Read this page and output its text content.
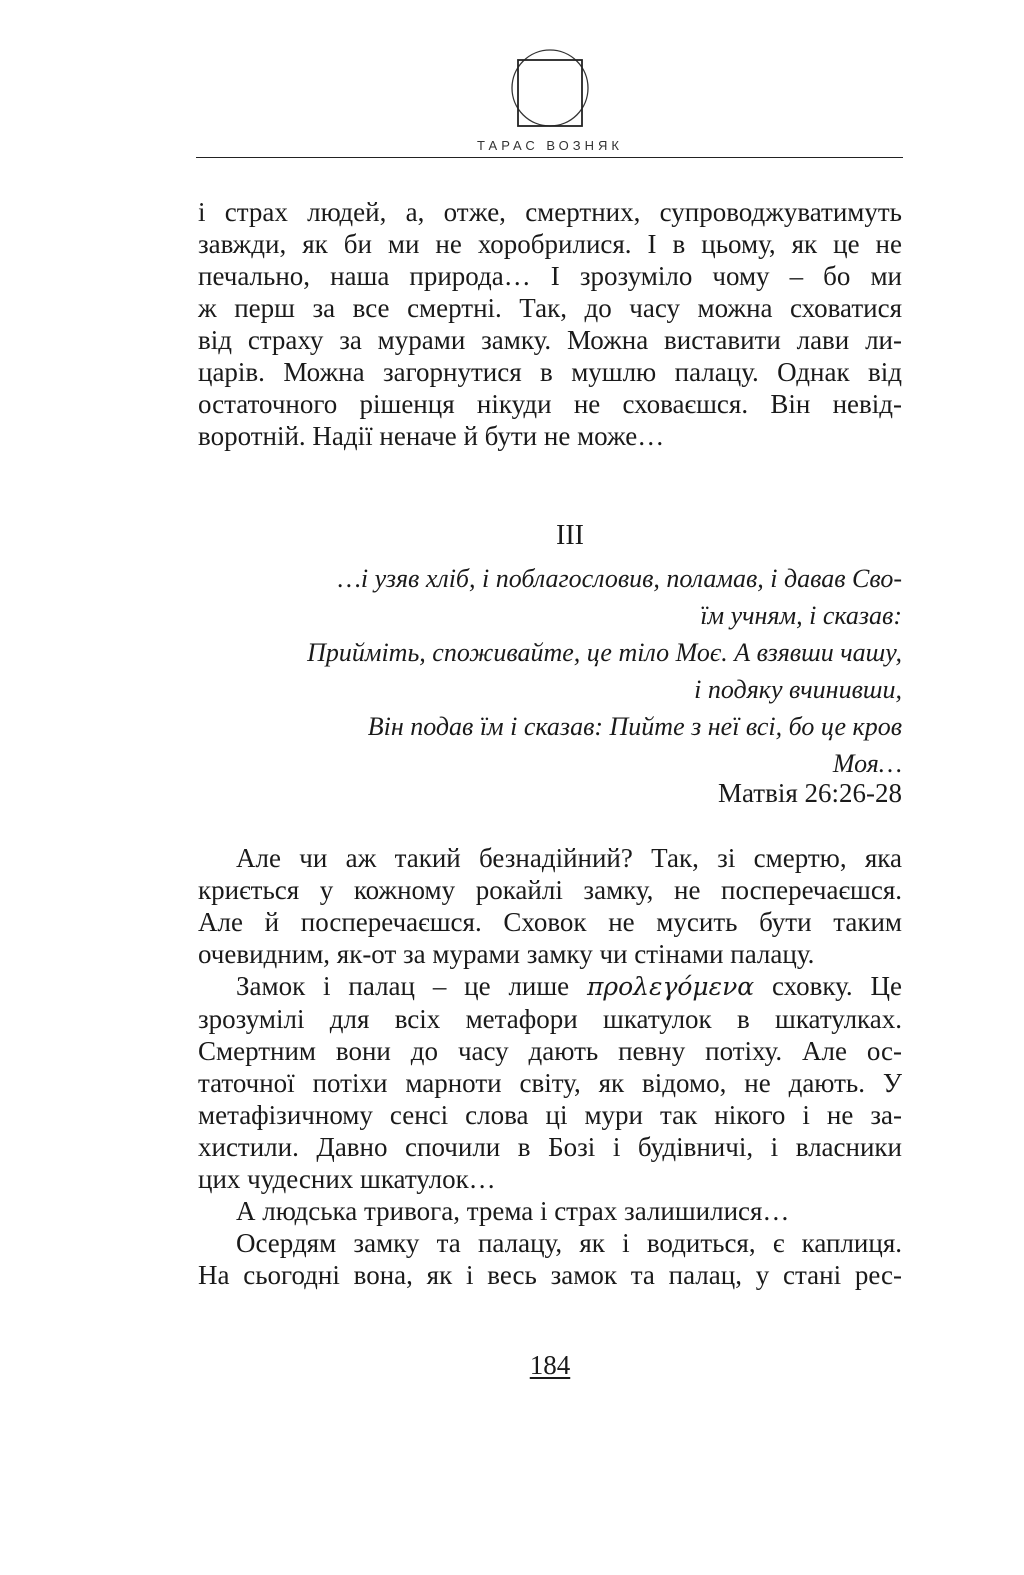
ТАРАС ВОЗНЯК

і страх людей, а, отже, смертних, супроводжуватимуть

завжди, як би ми не хоробрилися. І в цьому, як це не

печально, наша природа… І зрозуміло чому – бо ми

ж перш за все смертні. Так, до часу можна сховатися

від страху за мурами замку. Можна виставити лави ли-

царів. Можна загорнутися в мушлю палацу. Однак від

остаточного рішенця нікуди не сховаєшся. Він невід-

воротній. Надії неначе й бути не може…

ІІІ

…і узяв хліб, і поблагословив, поламав, і давав Сво-

їм учням, і сказав:

Прийміть, споживайте, це тіло Моє. А взявши чашу,

і подяку вчинивши,

Він подав їм і сказав: Пийте з неї всі, бо це кров

Моя…

Матвія 26:26-28

Але чи аж такий безнадійний? Так, зі смертю, яка

криється у кожному рокайлі замку, не посперечаєшся.

Але й посперечаєшся. Сховок не мусить бути таким

очевидним, як-от за мурами замку чи стінами палацу.

Замок і палац – це лише προλεγόμενα сховку. Це

зрозумілі для всіх метафори шкатулок в шкатулках.

Смертним вони до часу дають певну потіху. Але ос-

таточної потіхи марноти світу, як відомо, не дають. У

метафізичному сенсі слова ці мури так нікого і не за-

хистили. Давно спочили в Бозі і будівничі, і власники

цих чудесних шкатулок…

А людська тривога, трема і страх залишилися…

Осердям замку та палацу, як і водиться, є каплиця.

На сьогодні вона, як і весь замок та палац, у стані рес-

184
